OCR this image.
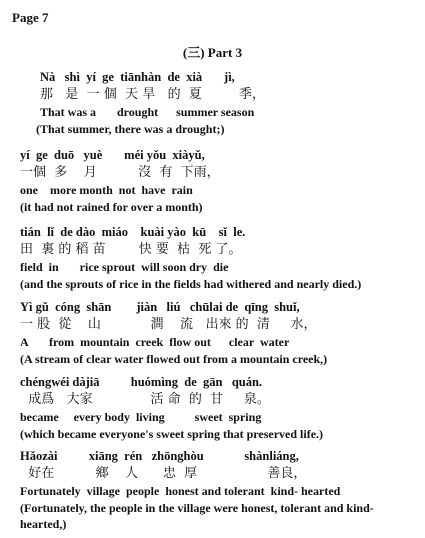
Page 7
(三) Part 3
Nà   shì  yí  ge  tiānhàn  de  xià       jì,
那   是  一 個  天 旱   的  夏         季，
That was a       drought      summer season
(That summer, there was a drought;)
yí  ge  duō   yuè       méi yǒu  xiàyǔ,
一個  多    月          沒  有  下雨，
one    more month  not  have  rain
(it had not rained for over a month)
tián  lǐ  de dào  miáo    kuài yào  kū    sǐ  le.
田  裏 的 稻 苗        快 要  枯  死 了。
field  in       rice sprout  will soon dry  die
(and the sprouts of rice in the fields had withered and nearly died.)
Yì gǔ  cóng  shān        jiàn   liú   chūlai de  qīng  shuǐ,
一 股  從    山            澗    流   出來 的  清     水，
A       from  mountain  creek  flow out      clear  water
(A stream of clear water flowed out from a mountain creek,)
chéngwéi dàjiā          huómìng  de  gān   quán.
成爲   大家              活 命  的  甘     泉。
became     every body  living          sweet  spring
(which became everyone's sweet spring that preserved life.)
Hǎozài          xiāng  rén   zhōnghòu             shànliáng,
好在          鄉    人      忠  厚                 善良，
Fortunately  village  people  honest and tolerant  kind- hearted
(Fortunately, the people in the village were honest, tolerant and kind-
hearted,)
